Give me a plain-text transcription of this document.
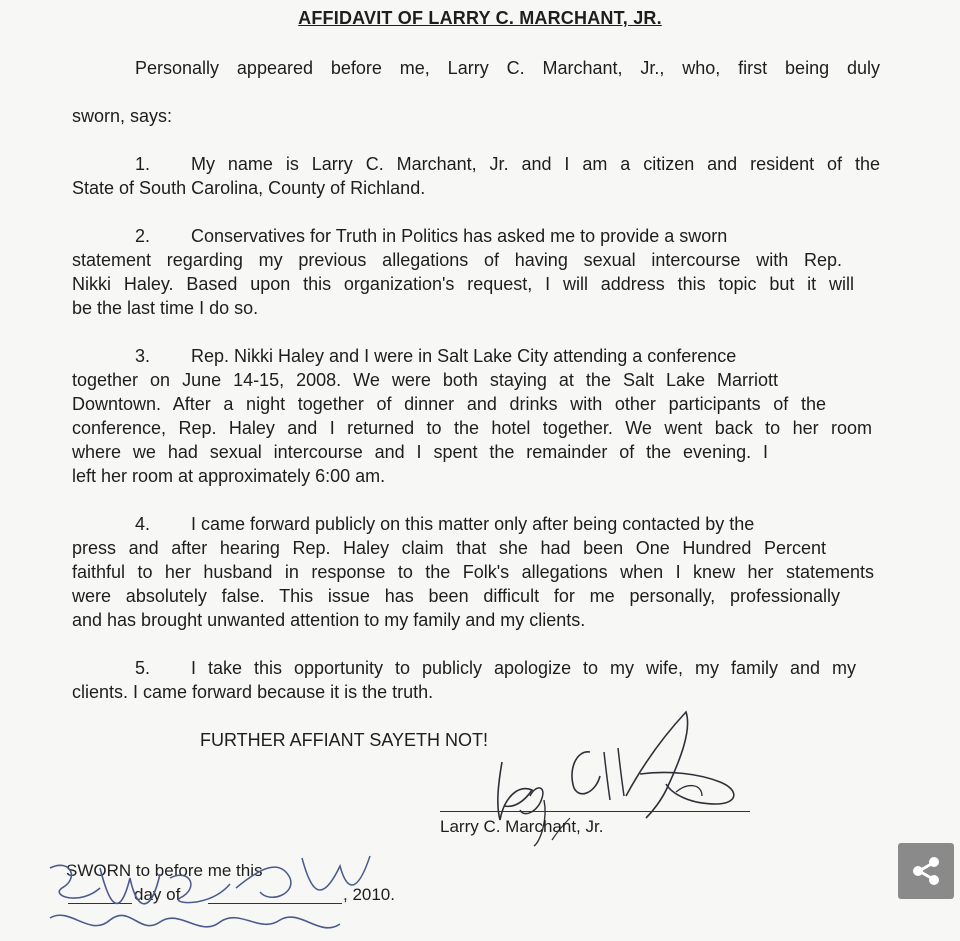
AFFIDAVIT OF LARRY C. MARCHANT, JR.
Personally appeared before me, Larry C. Marchant, Jr., who, first being duly
sworn, says:
1. My name is Larry C. Marchant, Jr. and I am a citizen and resident of the
State of South Carolina, County of Richland.
2. Conservatives for Truth in Politics has asked me to provide a sworn
statement regarding my previous allegations of having sexual intercourse with Rep.
Nikki Haley. Based upon this organization's request, I will address this topic but it will
be the last time I do so.
3. Rep. Nikki Haley and I were in Salt Lake City attending a conference
together on June 14-15, 2008. We were both staying at the Salt Lake Marriott
Downtown. After a night together of dinner and drinks with other participants of the
conference, Rep. Haley and I returned to the hotel together. We went back to her room
where we had sexual intercourse and I spent the remainder of the evening. I
left her room at approximately 6:00 am.
4. I came forward publicly on this matter only after being contacted by the
press and after hearing Rep. Haley claim that she had been One Hundred Percent
faithful to her husband in response to the Folk's allegations when I knew her statements
were absolutely false. This issue has been difficult for me personally, professionally
and has brought unwanted attention to my family and my clients.
5. I take this opportunity to publicly apologize to my wife, my family and my
clients. I came forward because it is the truth.
FURTHER AFFIANT SAYETH NOT!
Larry C. Marchant, Jr.
SWORN to before me this
day of	, 2010.
